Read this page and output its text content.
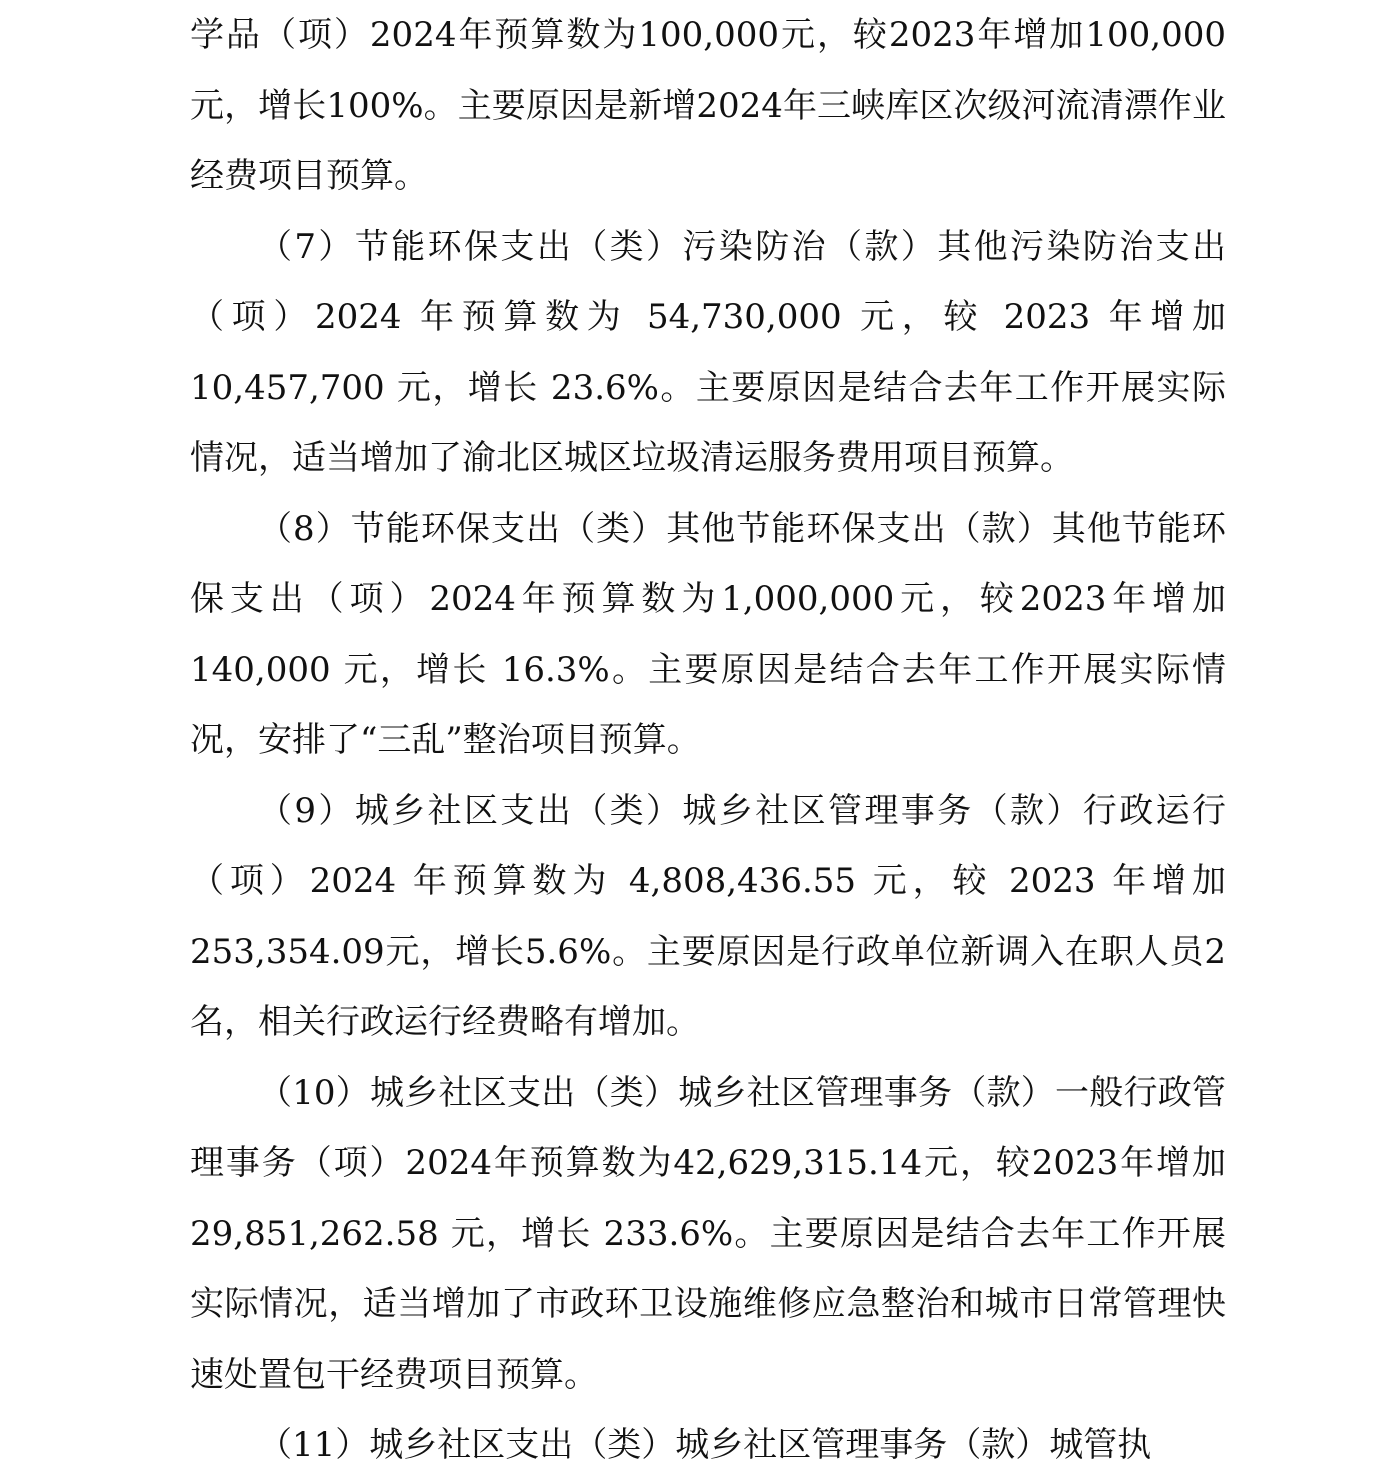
学品（项）2024年预算数为100,000元，较2023年增加100,000元，增长100%。主要原因是新增2024年三峡库区次级河流清漂作业经费项目预算。

（7）节能环保支出（类）污染防治（款）其他污染防治支出（项）2024 年预算数为 54,730,000 元，较 2023 年增加10,457,700 元，增长 23.6%。主要原因是结合去年工作开展实际情况，适当增加了渝北区城区垃圾清运服务费用项目预算。

（8）节能环保支出（类）其他节能环保支出（款）其他节能环保支出（项）2024年预算数为1,000,000元，较2023年增加140,000 元，增长 16.3%。主要原因是结合去年工作开展实际情况，安排了“三乱”整治项目预算。

（9）城乡社区支出（类）城乡社区管理事务（款）行政运行（项）2024 年预算数为 4,808,436.55 元，较 2023 年增加253,354.09元，增长5.6%。主要原因是行政单位新调入在职人员2名，相关行政运行经费略有增加。

（10）城乡社区支出（类）城乡社区管理事务（款）一般行政管理事务（项）2024年预算数为42,629,315.14元，较2023年增加 29,851,262.58 元，增长 233.6%。主要原因是结合去年工作开展实际情况，适当增加了市政环卫设施维修应急整治和城市日常管理快速处置包干经费项目预算。

（11）城乡社区支出（类）城乡社区管理事务（款）城管执
